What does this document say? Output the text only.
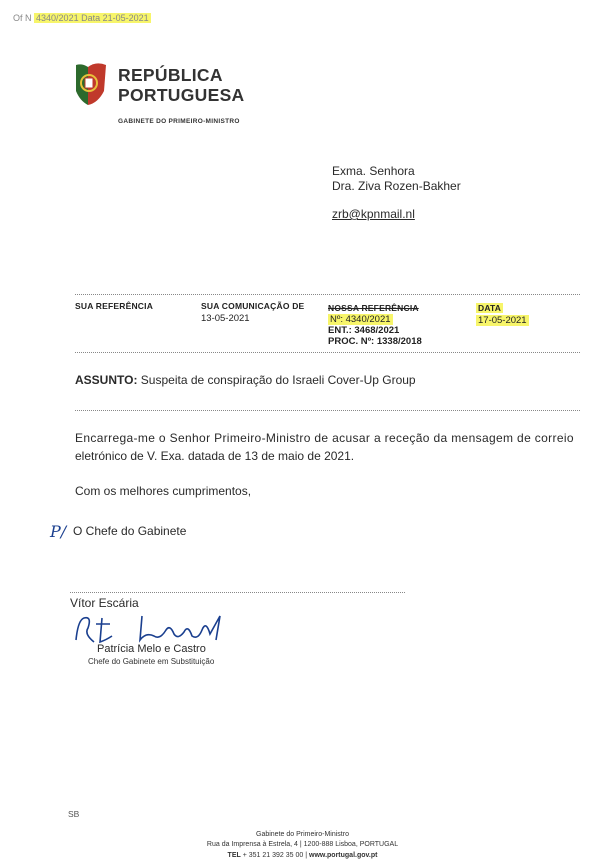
Of N 4340/2021 Data 21-05-2021
REPÚBLICA
PORTUGUESA
GABINETE DO PRIMEIRO-MINISTRO
Exma. Senhora
Dra. Ziva Rozen-Bakher
zrb@kpnmail.nl
SUA REFERÊNCIA	SUA COMUNICAÇÃO DE
13-05-2021
NOSSA REFERÊNCIA
Nº: 4340/2021
ENT.: 3468/2021
PROC. Nº: 1338/2018
DATA
17-05-2021
ASSUNTO: Suspeita de conspiração do Israeli Cover-Up Group
Encarrega-me o Senhor Primeiro-Ministro de acusar a receção da mensagem de correio
eletrónico de V. Exa. datada de 13 de maio de 2021.
Com os melhores cumprimentos,
P/ O Chefe do Gabinete
Vítor Escária
Patrícia Melo e Castro
Chefe do Gabinete em Substituição
SB
Gabinete do Primeiro-Ministro
Rua da Imprensa à Estrela, 4 | 1200-888 Lisboa, PORTUGAL
TEL + 351 21 392 35 00 | www.portugal.gov.pt
